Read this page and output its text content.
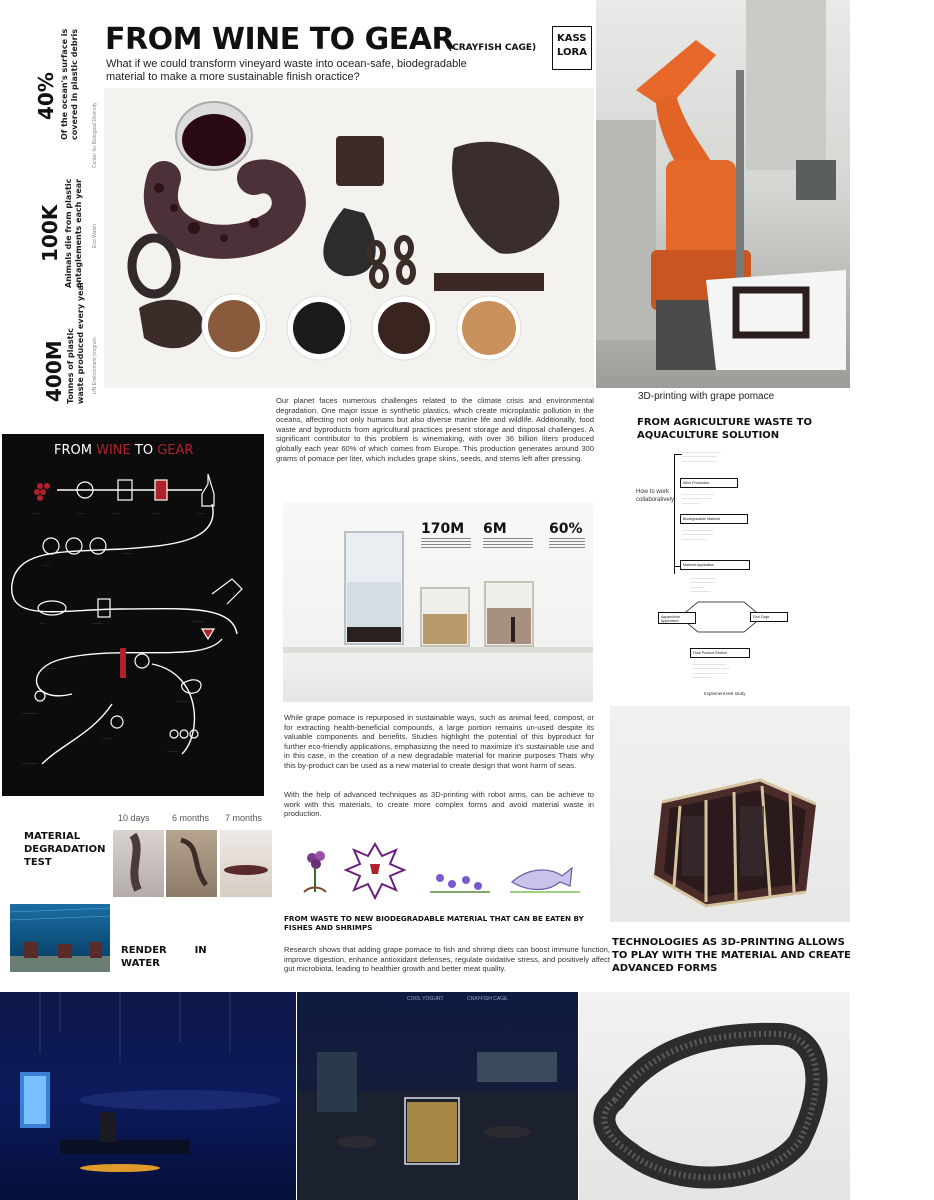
FROM WINE TO GEAR
(CRAYFISH CAGE)
KASS
LORA
What if we could transform vineyard waste into ocean-safe, biodegradable material to make a more sustainable finish oractice?
40% Of the ocean's surface is covered in plastic debris	Center for Biological Diversity
100K Animals die from plastic entaglements each year Eco Watch
400M Tonnes of plastic waste produced every year UN Environment program
3D-printing with grape pomace
Our planet faces numerous challenges related to the climate crisis and environmental degradation. One major issue is synthetic plastics, which create microplastic pollution in the oceans, affecting not only humans but also diverse marine life and wildlife. Additionally, food waste and byproducts from agricultural practices present storage and disposal challenges. A significant contributor to this problem is winemaking, with over 36 billion liters produced globally each year 60% of which comes from Europe. This production generates around 300 grams of pomace per liter, which includes grape skins, seeds, and stems left after pressing.
FROM WINE TO GEAR
.......	.......	........	.......	........
........
..........
......	..........	............
...............
...........
.................
.................
..........
............
170M 6M	60%
FROM AGRICULTURE WASTE TO
AQUACULTURE SOLUTION
How to work collaboratively
.......................................
...................................
..................................
Wine Production
................................
.............................
..................
Biodegradable Material
...............................
................................
.........................
Material Application
..........................
.........................
..............
....................
Aquaculture Application
Fish Cage
Final Product Review
..................................
......................................
...................................
..................
Implement test study
While grape pomace is repurposed in sustainable ways, such as animal feed, compost, or for extracting health-beneficial compounds, a large portion remains un-used despite its valuable components and benefits. Studies highlight the potential of this byproduct for further eco-friendly applications, emphasizing the need to maximize it's sustainable use and in this case, in the creation of a new degradable material for marine purposes Thats why this by-product can be used as a new material to create design that wont harm of seas.
With the help of advanced techniques as 3D-printing with robot arms, can be achieve to work with this materials, to create more complex forms and avoid material waste in production.
MATERIAL
DEGRADATION
TEST
10 days 6 months 7 months

RENDER        IN
WATER

FROM WASTE TO NEW BIODEGRADABLE MATERIAL THAT CAN BE EATEN BY FISHES AND SHRIMPS
Research shows that adding grape pomace to fish and shrimp diets can boost immune function, improve digestion, enhance antioxidant defenses, regulate oxidative stress, and positively affect gut microbiota, leading to healthier growth and better meat quality.
TECHNOLOGIES AS 3D-PRINTING ALLOWS
TO PLAY WITH THE MATERIAL AND CREATE
ADVANCED FORMS
COOL YOGURT	CRAYFISH CAGE
